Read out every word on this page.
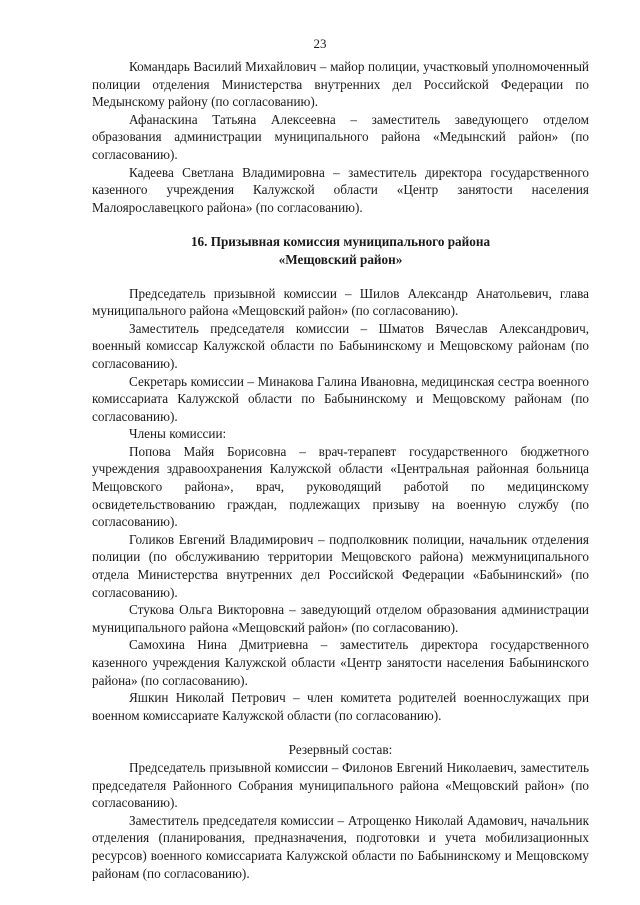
23

Командарь Василий Михайлович – майор полиции, участковый уполномоченный полиции отделения Министерства внутренних дел Российской Федерации по Медынскому району (по согласованию).

Афанаскина Татьяна Алексеевна – заместитель заведующего отделом образования администрации муниципального района «Медынский район» (по согласованию).

Кадеева Светлана Владимировна – заместитель директора государственного казенного учреждения Калужской области «Центр занятости населения Малоярославецкого района» (по согласованию).

16. Призывная комиссия муниципального района
«Мещовский район»

Председатель призывной комиссии – Шилов Александр Анатольевич, глава муниципального района «Мещовский район» (по согласованию).

Заместитель председателя комиссии – Шматов Вячеслав Александрович, военный комиссар Калужской области по Бабынинскому и Мещовскому районам (по согласованию).

Секретарь комиссии – Минакова Галина Ивановна, медицинская сестра военного комиссариата Калужской области по Бабынинскому и Мещовскому районам (по согласованию).

Члены комиссии:

Попова Майя Борисовна – врач-терапевт государственного бюджетного учреждения здравоохранения Калужской области «Центральная районная больница Мещовского района», врач, руководящий работой по медицинскому освидетельствованию граждан, подлежащих призыву на военную службу (по согласованию).

Голиков Евгений Владимирович – подполковник полиции, начальник отделения полиции (по обслуживанию территории Мещовского района) межмуниципального отдела Министерства внутренних дел Российской Федерации «Бабынинский» (по согласованию).

Стукова Ольга Викторовна – заведующий отделом образования администрации муниципального района «Мещовский район» (по согласованию).

Самохина Нина Дмитриевна – заместитель директора государственного казенного учреждения Калужской области «Центр занятости населения Бабынинского района» (по согласованию).

Яшкин Николай Петрович – член комитета родителей военнослужащих при военном комиссариате Калужской области (по согласованию).

Резервный состав:

Председатель призывной комиссии – Филонов Евгений Николаевич, заместитель председателя Районного Собрания муниципального района «Мещовский район» (по согласованию).

Заместитель председателя комиссии – Атрощенко Николай Адамович, начальник отделения (планирования, предназначения, подготовки и учета мобилизационных ресурсов) военного комиссариата Калужской области по Бабынинскому и Мещовскому районам (по согласованию).
